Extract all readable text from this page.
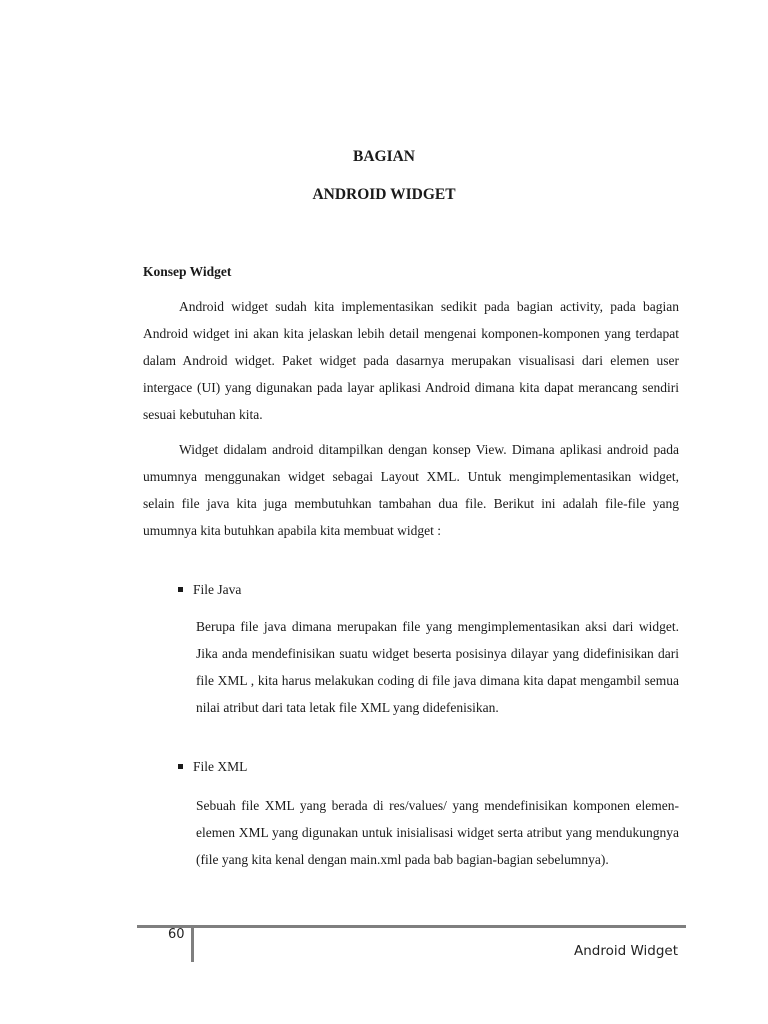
BAGIAN
ANDROID WIDGET
Konsep Widget

Android widget sudah kita implementasikan sedikit pada bagian activity, pada bagian Android widget ini akan kita jelaskan lebih detail mengenai komponen-komponen yang terdapat dalam Android widget. Paket widget pada dasarnya merupakan visualisasi dari elemen user intergace (UI) yang digunakan pada layar aplikasi Android dimana kita dapat merancang sendiri sesuai kebutuhan kita.

Widget didalam android ditampilkan dengan konsep View. Dimana aplikasi android pada umumnya menggunakan widget sebagai Layout XML. Untuk mengimplementasikan widget, selain file java kita juga membutuhkan tambahan dua file. Berikut ini adalah file-file yang umumnya kita butuhkan apabila kita membuat widget :

File Java

Berupa file java dimana merupakan file yang mengimplementasikan aksi dari widget. Jika anda mendefinisikan suatu widget beserta posisinya dilayar yang didefinisikan dari file XML , kita harus melakukan coding di file java dimana kita dapat mengambil semua nilai atribut dari tata letak file XML yang didefenisikan.

File XML

Sebuah file XML yang berada di res/values/ yang mendefinisikan komponen elemen-elemen XML yang digunakan untuk inisialisasi widget serta atribut yang mendukungnya (file yang kita kenal dengan main.xml pada bab bagian-bagian sebelumnya).

60
Android Widget
